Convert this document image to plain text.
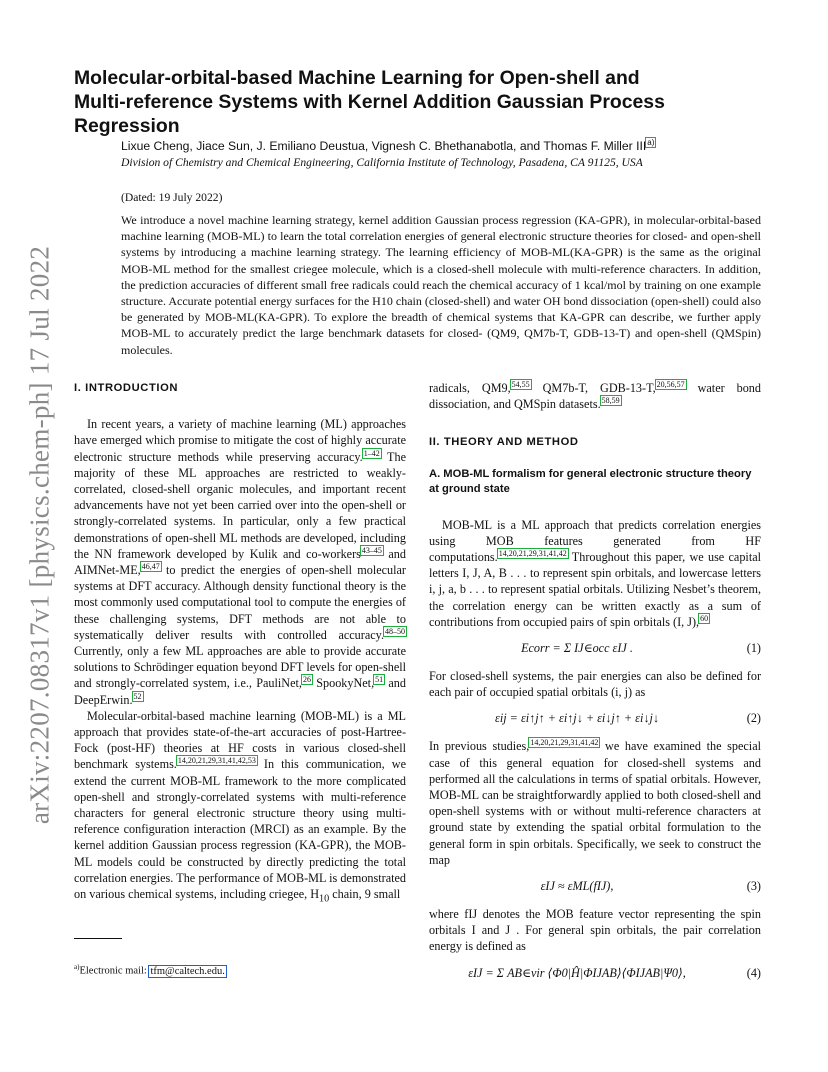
arXiv:2207.08317v1 [physics.chem-ph] 17 Jul 2022
Molecular-orbital-based Machine Learning for Open-shell and Multi-reference Systems with Kernel Addition Gaussian Process Regression
Lixue Cheng, Jiace Sun, J. Emiliano Deustua, Vignesh C. Bhethanabotla, and Thomas F. Miller III$^{a)}$
Division of Chemistry and Chemical Engineering, California Institute of Technology, Pasadena, CA 91125, USA
(Dated: 19 July 2022)
We introduce a novel machine learning strategy, kernel addition Gaussian process regression (KA-GPR), in molecular-orbital-based machine learning (MOB-ML) to learn the total correlation energies of general electronic structure theories for closed- and open-shell systems by introducing a machine learning strategy. The learning efficiency of MOB-ML(KA-GPR) is the same as the original MOB-ML method for the smallest criegee molecule, which is a closed-shell molecule with multi-reference characters. In addition, the prediction accuracies of different small free radicals could reach the chemical accuracy of 1 kcal/mol by training on one example structure. Accurate potential energy surfaces for the H10 chain (closed-shell) and water OH bond dissociation (open-shell) could also be generated by MOB-ML(KA-GPR). To explore the breadth of chemical systems that KA-GPR can describe, we further apply MOB-ML to accurately predict the large benchmark datasets for closed- (QM9, QM7b-T, GDB-13-T) and open-shell (QMSpin) molecules.

I. INTRODUCTION

In recent years, a variety of machine learning (ML) approaches have emerged which promise to mitigate the cost of highly accurate electronic structure methods while preserving accuracy.$^{1-42}$ The majority of these ML approaches are restricted to weakly-correlated, closed-shell organic molecules, and important recent advancements have not yet been carried over into the open-shell or strongly-correlated systems. In particular, only a few practical demonstrations of open-shell ML methods are developed, including the NN framework developed by Kulik and co-workers$^{43-45}$ and AIMNet-ME,$^{46,47}$ to predict the energies of open-shell molecular systems at DFT accuracy. Although density functional theory is the most commonly used computational tool to compute the energies of these challenging systems, DFT methods are not able to systematically deliver results with controlled accuracy.$^{48-50}$ Currently, only a few ML approaches are able to provide accurate solutions to Schrödinger equation beyond DFT levels for open-shell and strongly-correlated system, i.e., PauliNet,$^{26}$ SpookyNet,$^{51}$ and DeepErwin.$^{52}$

Molecular-orbital-based machine learning (MOB-ML) is a ML approach that provides state-of-the-art accuracies of post-Hartree-Fock (post-HF) theories at HF costs in various closed-shell benchmark systems.$^{14,20,21,29,31,41,42,53}$ In this communication, we extend the current MOB-ML framework to the more complicated open-shell and strongly-correlated systems with multi-reference characters for general electronic structure theory using multi-reference configuration interaction (MRCI) as an example. By the kernel addition Gaussian process regression (KA-GPR), the MOB-ML models could be constructed by directly predicting the total correlation energies. The performance of MOB-ML is demonstrated on various chemical systems, including criegee, $H_{10}$ chain, 9 small

radicals, QM9,$^{54,55}$ QM7b-T, GDB-13-T,$^{20,56,57}$ water bond dissociation, and QMSpin datasets.$^{58,59}$

II. THEORY AND METHOD

A. MOB-ML formalism for general electronic structure theory at ground state

MOB-ML is a ML approach that predicts correlation energies using MOB features generated from HF computations.$^{14,20,21,29,31,41,42}$ Throughout this paper, we use capital letters I, J, A, B . . . to represent spin orbitals, and lowercase letters i, j, a, b . . . to represent spatial orbitals. Utilizing Nesbet’s theorem, the correlation energy can be written exactly as a sum of contributions from occupied pairs of spin orbitals (I, J),$^{60}$

Ecorr = Σ IJ∈occ εIJ .	(1)

For closed-shell systems, the pair energies can also be defined for each pair of occupied spatial orbitals (i, j) as

εij = εi↑j↑ + εi↑j↓ + εi↓j↑ + εi↓j↓	(2)

In previous studies,$^{14,20,21,29,31,41,42}$ we have examined the special case of this general equation for closed-shell systems and performed all the calculations in terms of spatial orbitals. However, MOB-ML can be straightforwardly applied to both closed-shell and open-shell systems with or without multi-reference characters at ground state by extending the spatial orbital formulation to the general form in spin orbitals. Specifically, we seek to construct the map

εIJ ≈ εML(fIJ),	(3)

where fIJ denotes the MOB feature vector representing the spin orbitals I and J . For general spin orbitals, the pair correlation energy is defined as

εIJ = Σ AB∈vir ⟨Φ0|Ĥ|ΦIJAB⟩⟨ΦIJAB|Ψ0⟩,	(4)
$^{a)}$Electronic mail: tfm@caltech.edu.
